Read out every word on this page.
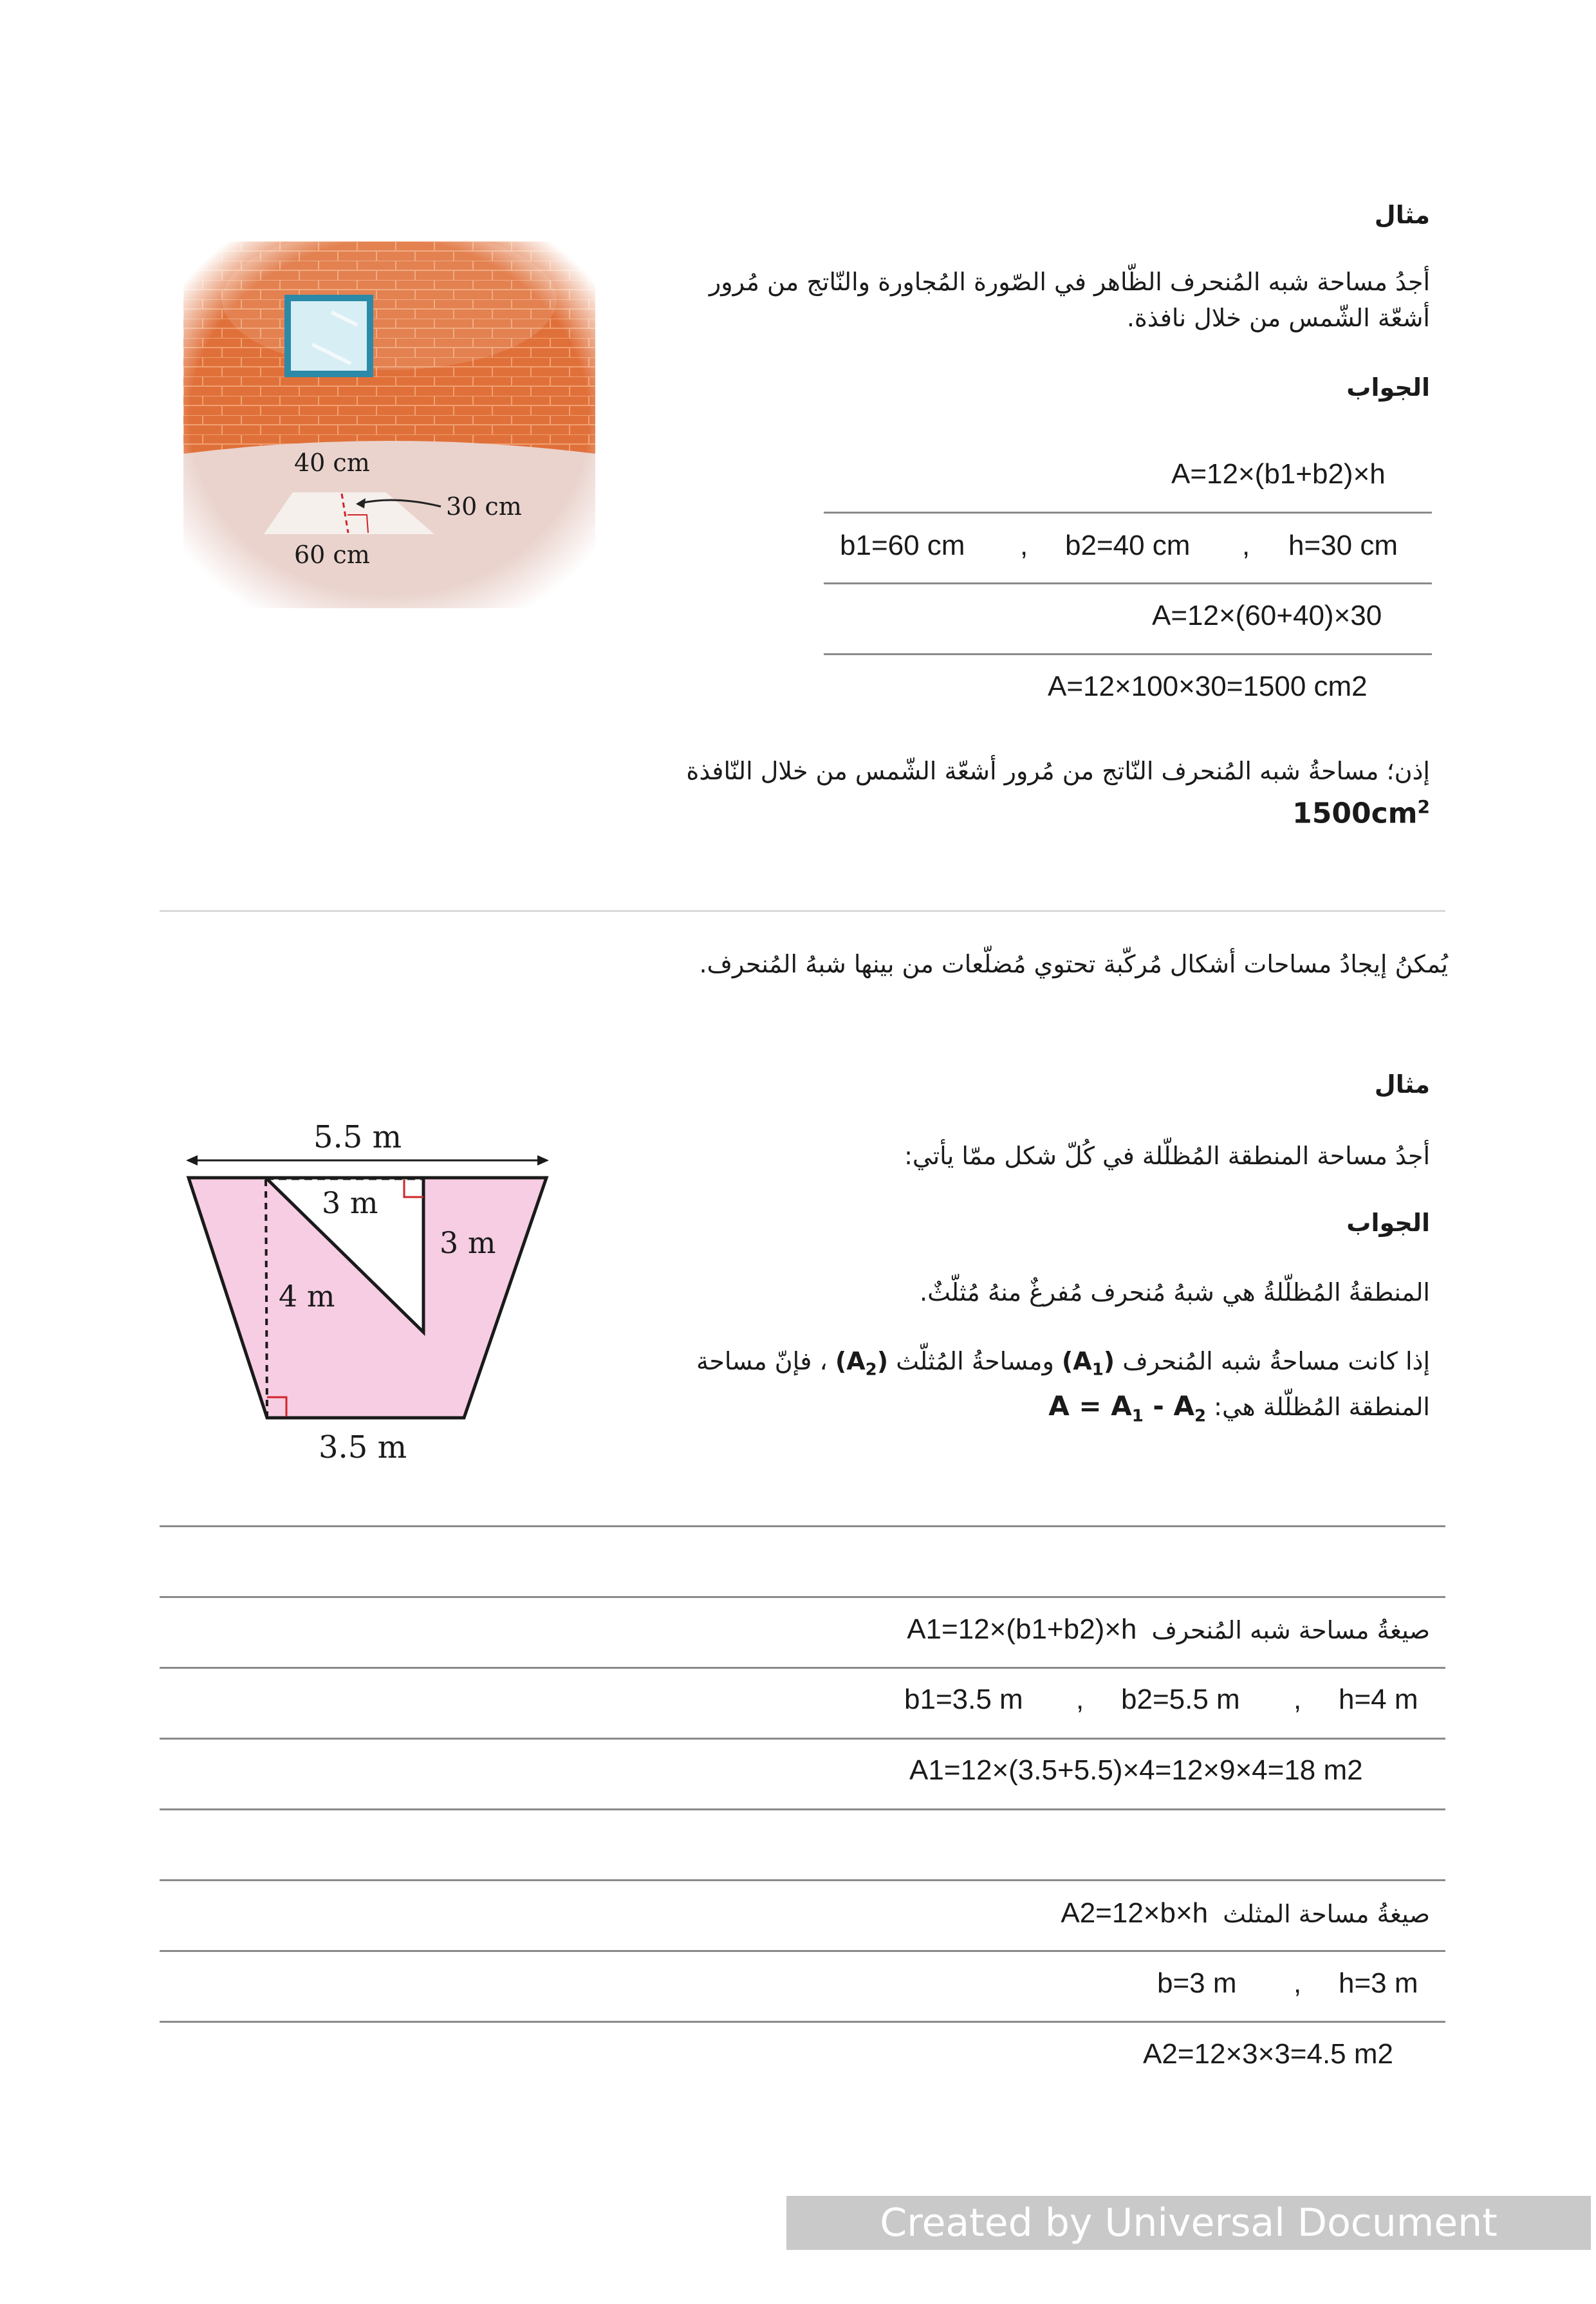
مثال
أجدُ مساحة شبه المُنحرف الظّاهر في الصّورة المُجاورة والنّاتج من مُرور
أشعّة الشّمس من خلال نافذة.
الجواب
A=12×(b1+b2)×h
b1=60 cm , b2=40 cm , h=30 cm
A=12×(60+40)×30
A=12×100×30=1500 cm2
إذن؛ مساحةُ شبه المُنحرف النّاتج من مُرور أشعّة الشّمس من خلال النّافذة
$1500cm^2$
40 cm
30 cm
60 cm
يُمكنُ إيجادُ مساحات أشكال مُركّبة تحتوي مُضلّعات من بينها شبهُ المُنحرف.
مثال
أجدُ مساحة المنطقة المُظلّلة في كُلّ شكل ممّا يأتي:
الجواب
المنطقةُ المُظلّلةُ هي شبهُ مُنحرف مُفرغٌ منهُ مُثلّثٌ.
إذا كانت مساحةُ شبه المُنحرف $(A_1)$ ومساحةُ المُثلّث $(A_2)$ ، فإنّ مساحة
المنطقة المُظلّلة هي: $A = A_1 - A_2$
5.5 m
3 m
3 m
4 m
3.5 m
صيغةُ مساحة شبه المُنحرف A1=12×(b1+b2)×h
b1=3.5 m , b2=5.5 m , h=4 m
A1=12×(3.5+5.5)×4=12×9×4=18 m2
صيغةُ مساحة المثلث A2=12×b×h
b=3 m , h=3 m
A2=12×3×3=4.5 m2
Created by Universal Document Converter
